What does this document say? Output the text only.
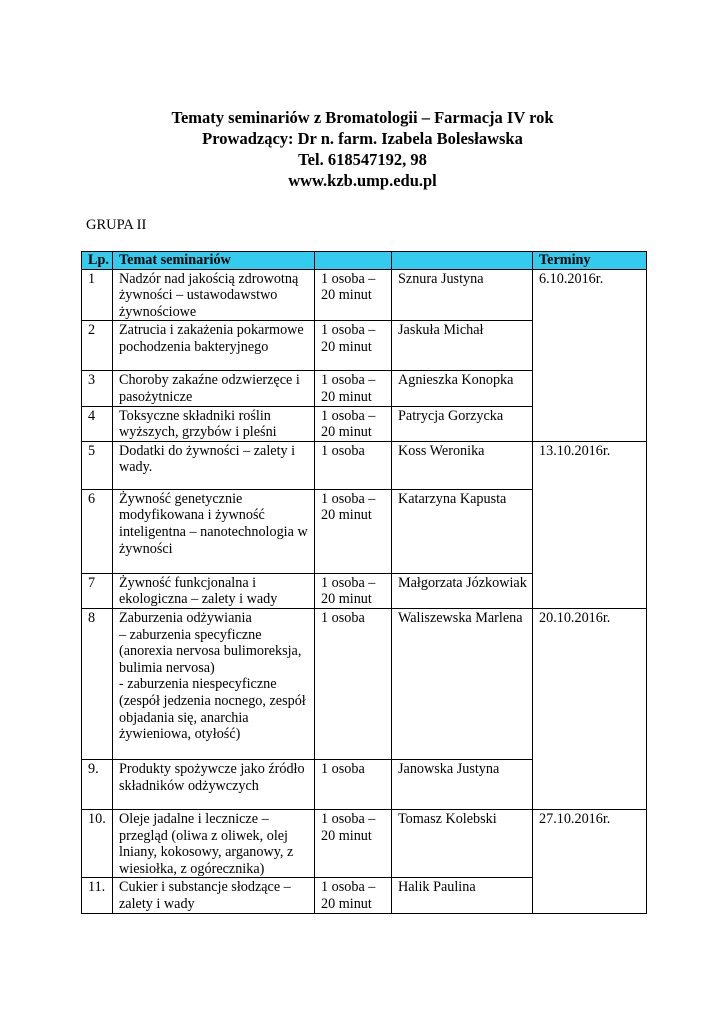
Tematy seminariów z Bromatologii – Farmacja IV rok
Prowadzący: Dr n. farm. Izabela Bolesławska
Tel. 618547192, 98
www.kzb.ump.edu.pl
GRUPA II
Lp.	Temat seminariów			Terminy
1	Nadzór nad jakością zdrowotną żywności – ustawodawstwo żywnościowe	1 osoba – 20 minut	Sznura Justyna	6.10.2016r.
2	Zatrucia i zakażenia pokarmowe pochodzenia bakteryjnego	1 osoba – 20 minut	Jaskuła Michał	
3	Choroby zakaźne odzwierzęce i pasożytnicze	1 osoba – 20 minut	Agnieszka Konopka	
4	Toksyczne składniki roślin wyższych, grzybów i pleśni	1 osoba – 20 minut	Patrycja Gorzycka	
5	Dodatki do żywności – zalety i wady.	1 osoba	Koss Weronika	13.10.2016r.
6	Żywność genetycznie modyfikowana i żywność inteligentna – nanotechnologia w żywności	1 osoba – 20 minut	Katarzyna Kapusta	
7	Żywność funkcjonalna i ekologiczna – zalety i wady	1 osoba – 20 minut	Małgorzata Józkowiak	
8	Zaburzenia odżywiania
– zaburzenia specyficzne (anorexia nervosa bulimoreksja, bulimia nervosa)
- zaburzenia niespecyficzne (zespół jedzenia nocnego, zespół objadania się, anarchia żywieniowa, otyłość)	1 osoba	Waliszewska Marlena	20.10.2016r.
9.	Produkty spożywcze jako źródło składników odżywczych	1 osoba	Janowska Justyna	
10.	Oleje jadalne i lecznicze – przegląd (oliwa z oliwek, olej lniany, kokosowy, arganowy, z wiesiołka, z ogórecznika)	1 osoba – 20 minut	Tomasz Kolebski	27.10.2016r.
11.	Cukier i substancje słodzące – zalety i wady	1 osoba – 20 minut	Halik Paulina	
